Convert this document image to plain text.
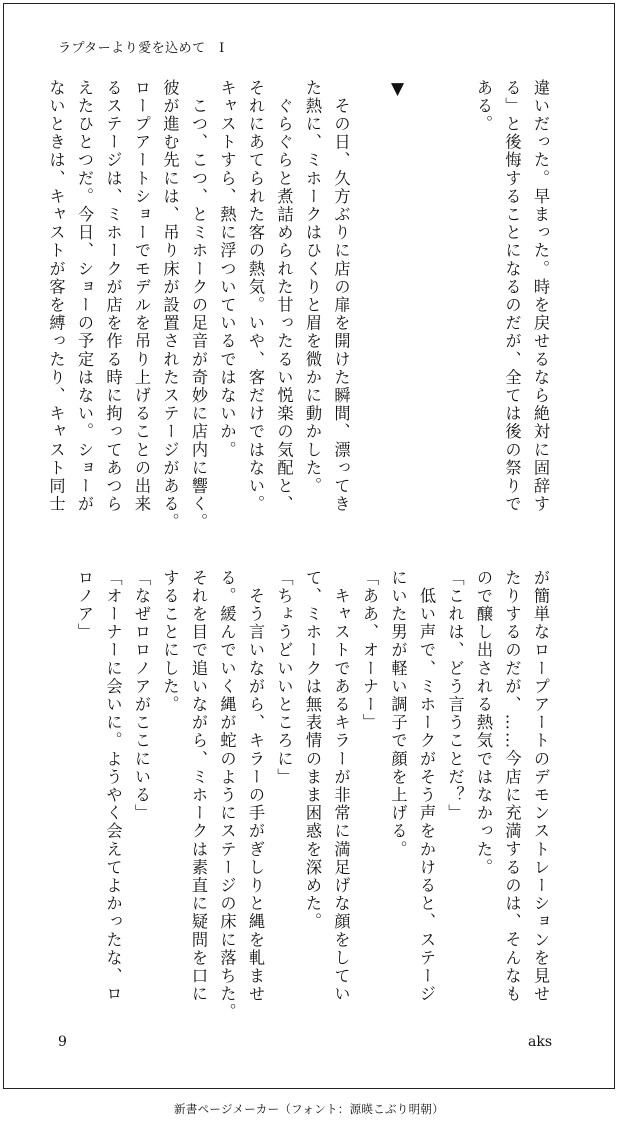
ラプターより愛を込めて　Ⅰ

違いだった。早まった。時を戻せるなら絶対に固辞す

る」と後悔することになるのだが、全ては後の祭りで

ある。

▼

　その日、久方ぶりに店の扉を開けた瞬間、漂ってき

た熱に、ミホークはひくりと眉を微かに動かした。

　ぐらぐらと煮詰められた甘ったるい悦楽の気配と、

それにあてられた客の熱気。いや、客だけではない。

キャストすら、熱に浮ついているではないか。

　こつ、こつ、とミホークの足音が奇妙に店内に響く。

彼が進む先には、吊り床が設置されたステージがある。

ロープアートショーでモデルを吊り上げることの出来

るステージは、ミホークが店を作る時に拘ってあつら

えたひとつだ。今日、ショーの予定はない。ショーが

ないときは、キャストが客を縛ったり、キャスト同士

が簡単なロープアートのデモンストレーションを見せ

たりするのだが、……今店に充満するのは、そんなも

ので醸し出される熱気ではなかった。

「これは、どう言うことだ？」

　低い声で、ミホークがそう声をかけると、ステージ

にいた男が軽い調子で顔を上げる。

「ああ、オーナー」

　キャストであるキラーが非常に満足げな顔をしてい

て、ミホークは無表情のまま困惑を深めた。

「ちょうどいいところに」

　そう言いながら、キラーの手がぎしりと縄を軋ませ

る。緩んでいく縄が蛇のようにステージの床に落ちた。

それを目で追いながら、ミホークは素直に疑問を口に

することにした。

「なぜロロノアがここにいる」

「オーナーに会いに。ようやく会えてよかったな、ロ

ロノア」

9	aks
新書ページメーカー（フォント：源暎こぶり明朝）
